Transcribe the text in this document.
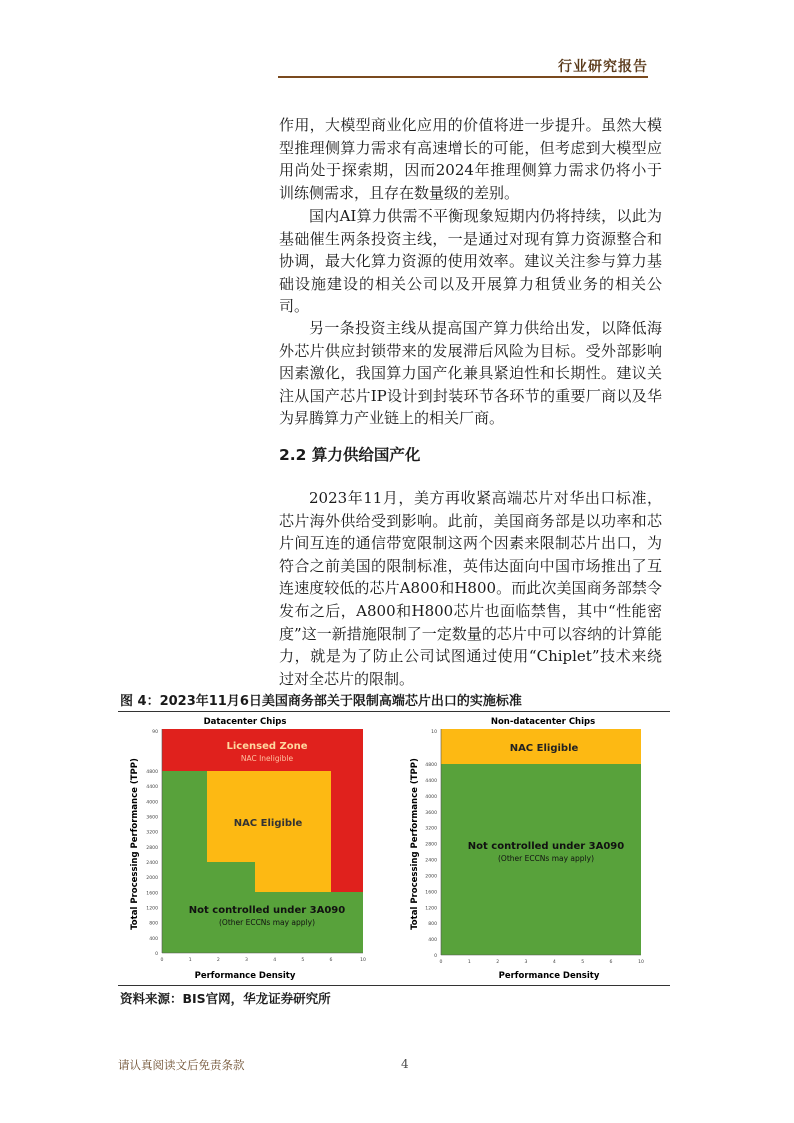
行业研究报告

作用，大模型商业化应用的价值将进一步提升。虽然大模型推理侧算力需求有高速增长的可能，但考虑到大模型应用尚处于探索期，因而2024年推理侧算力需求仍将小于训练侧需求，且存在数量级的差别。

国内AI算力供需不平衡现象短期内仍将持续，以此为基础催生两条投资主线，一是通过对现有算力资源整合和协调，最大化算力资源的使用效率。建议关注参与算力基础设施建设的相关公司以及开展算力租赁业务的相关公司。

另一条投资主线从提高国产算力供给出发，以降低海外芯片供应封锁带来的发展滞后风险为目标。受外部影响因素激化，我国算力国产化兼具紧迫性和长期性。建议关注从国产芯片IP设计到封装环节各环节的重要厂商以及华为昇腾算力产业链上的相关厂商。

2.2 算力供给国产化

2023年11月，美方再收紧高端芯片对华出口标准，芯片海外供给受到影响。此前，美国商务部是以功率和芯片间互连的通信带宽限制这两个因素来限制芯片出口，为符合之前美国的限制标准，英伟达面向中国市场推出了互连速度较低的芯片A800和H800。而此次美国商务部禁令发布之后，A800和H800芯片也面临禁售，其中“性能密度”这一新措施限制了一定数量的芯片中可以容纳的计算能力，就是为了防止公司试图通过使用“Chiplet”技术来绕过对全芯片的限制。

图 4：2023年11月6日美国商务部关于限制高端芯片出口的实施标准
Datacenter Chips
Total Processing Performance (TPP)
Performance Density
Licensed Zone
NAC Ineligible
NAC Eligible
Not controlled under 3A090
(Other ECCNs may apply)
0
400
800
1200
1600
2000
2400
2800
3200
3600
4000
4400
4800
90
0	1	2	3	4	5	6	10
Non-datacenter Chips
Total Processing Performance (TPP)
Performance Density
NAC Eligible
Not controlled under 3A090
(Other ECCNs may apply)
0
400
800
1200
1600
2000
2400
2800
3200
3600
4000
4400
4800
10
0	1	2	3	4	5	6	10
资料来源：BIS官网，华龙证券研究所
请认真阅读文后免责条款	4
